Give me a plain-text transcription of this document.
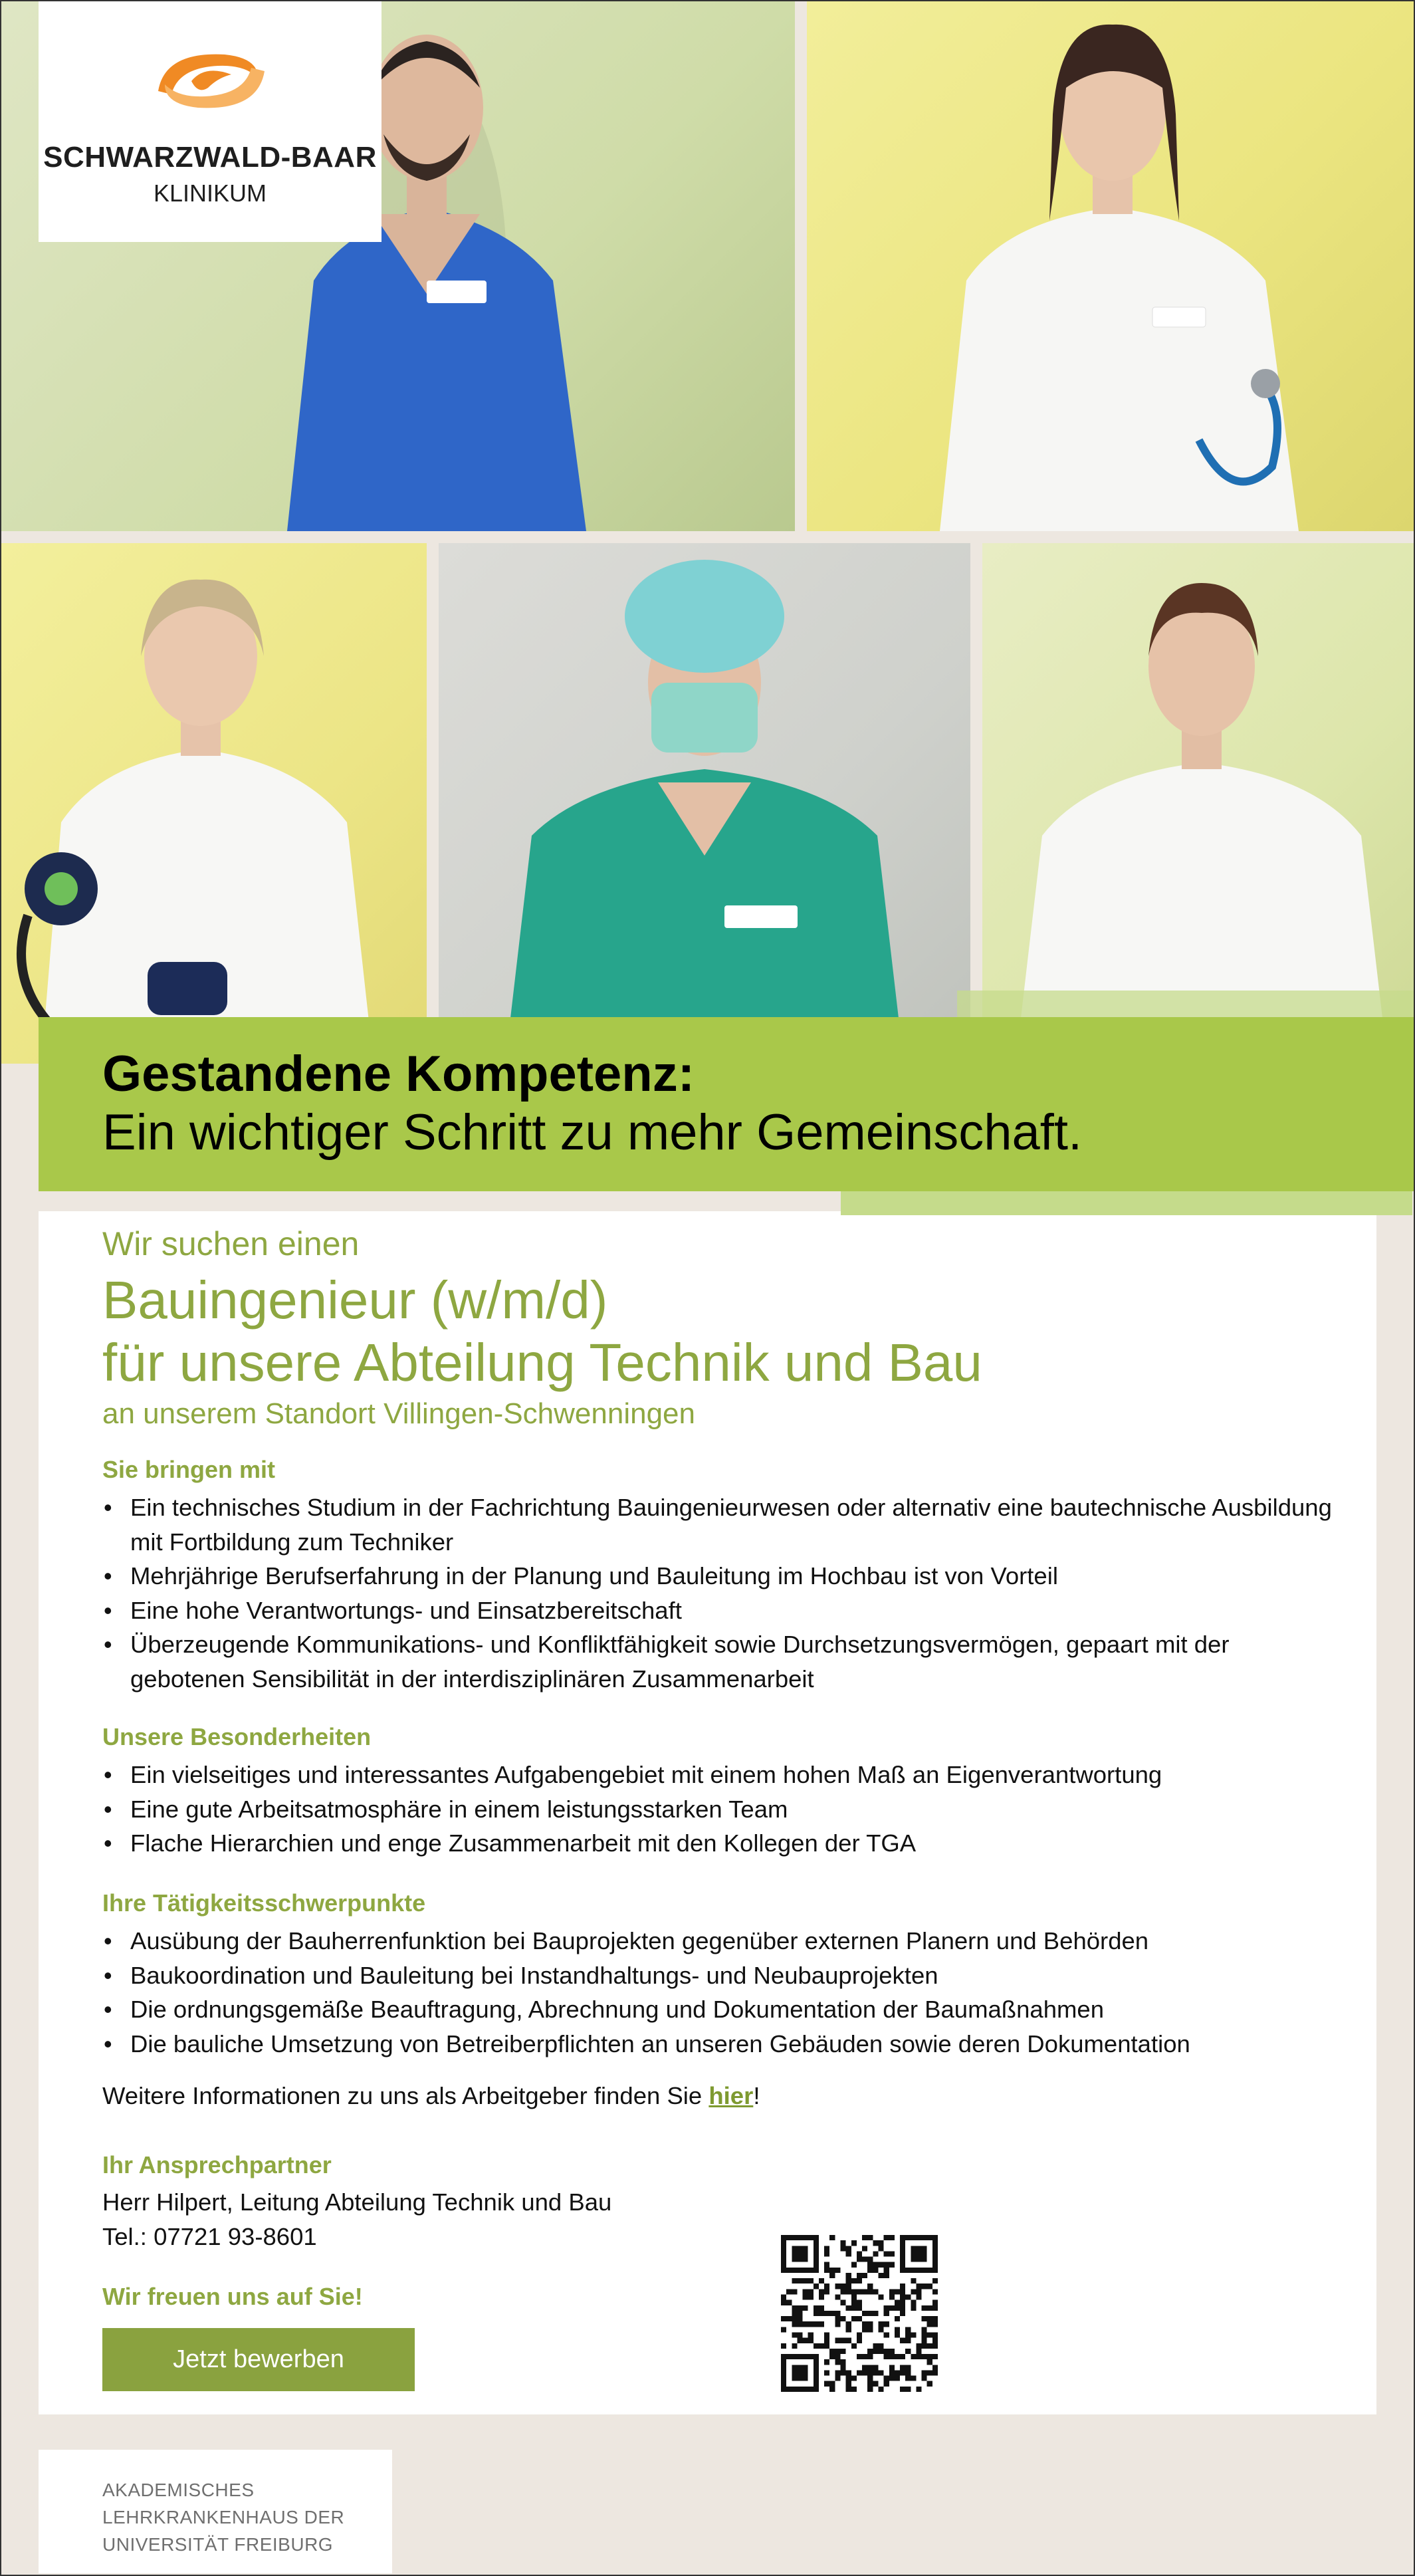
SCHWARZWALD-BAAR
KLINIKUM
Gestandene Kompetenz:
Ein wichtiger Schritt zu mehr Gemeinschaft.
Wir suchen einen
Bauingenieur (w/m/d)
für unsere Abteilung Technik und Bau
an unserem Standort Villingen-Schwenningen
Sie bringen mit
• Ein technisches Studium in der Fachrichtung Bauingenieurwesen oder alternativ eine bautechnische Ausbildung mit Fortbildung zum Techniker
• Mehrjährige Berufserfahrung in der Planung und Bauleitung im Hochbau ist von Vorteil
• Eine hohe Verantwortungs- und Einsatzbereitschaft
• Überzeugende Kommunikations- und Konfliktfähigkeit sowie Durchsetzungsvermögen, gepaart mit der gebotenen Sensibilität in der interdisziplinären Zusammenarbeit
Unsere Besonderheiten
• Ein vielseitiges und interessantes Aufgabengebiet mit einem hohen Maß an Eigenverantwortung
• Eine gute Arbeitsatmosphäre in einem leistungsstarken Team
• Flache Hierarchien und enge Zusammenarbeit mit den Kollegen der TGA
Ihre Tätigkeitsschwerpunkte
• Ausübung der Bauherrenfunktion bei Bauprojekten gegenüber externen Planern und Behörden
• Baukoordination und Bauleitung bei Instandhaltungs- und Neubauprojekten
• Die ordnungsgemäße Beauftragung, Abrechnung und Dokumentation der Baumaßnahmen
• Die bauliche Umsetzung von Betreiberpflichten an unseren Gebäuden sowie deren Dokumentation
Weitere Informationen zu uns als Arbeitgeber finden Sie hier!
Ihr Ansprechpartner
Herr Hilpert, Leitung Abteilung Technik und Bau
Tel.: 07721 93-8601
Wir freuen uns auf Sie!
Jetzt bewerben
AKADEMISCHES
LEHRKRANKENHAUS DER
UNIVERSITÄT FREIBURG
